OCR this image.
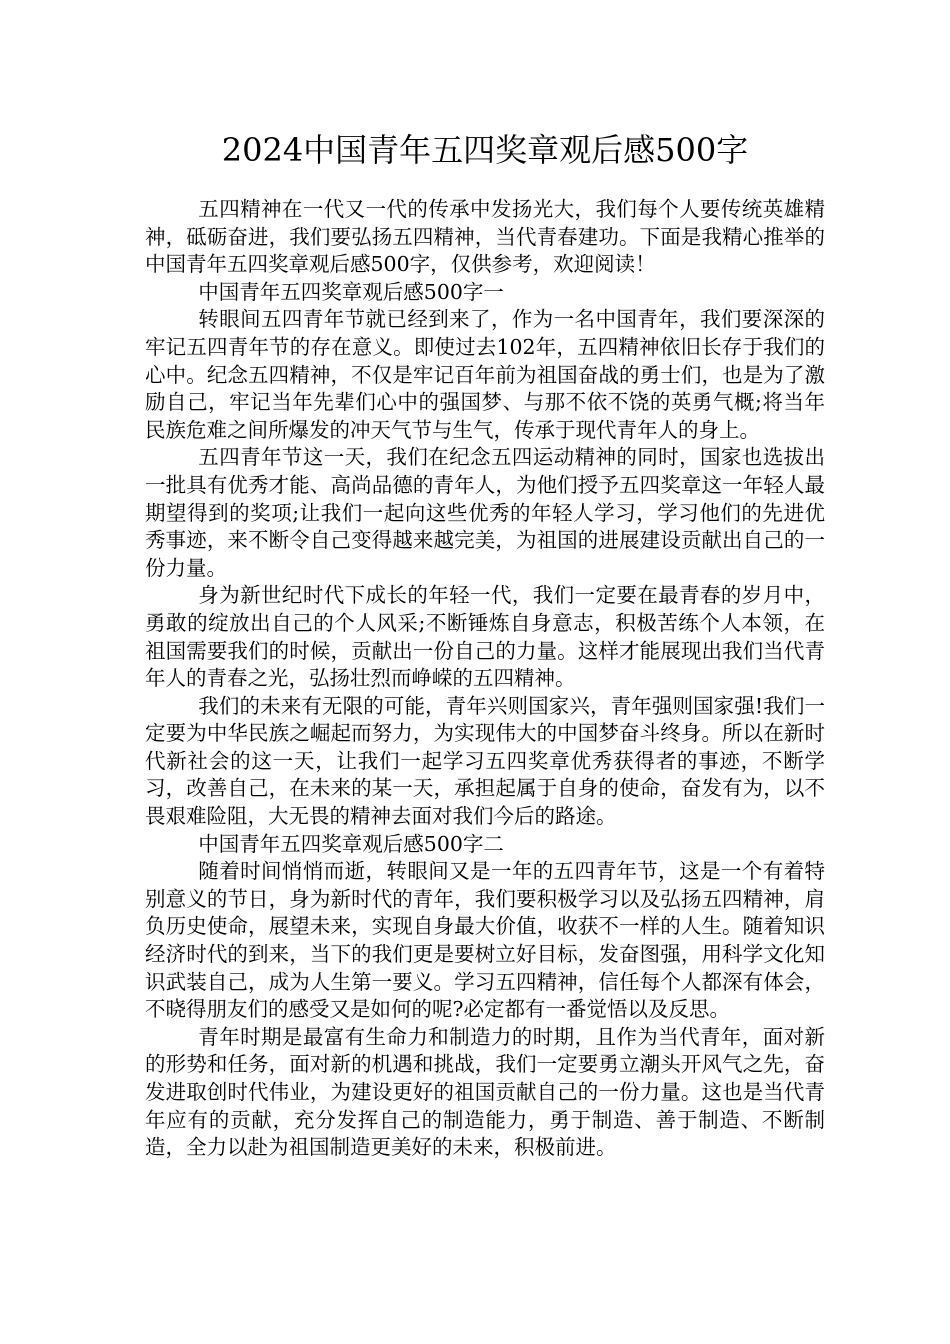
2024中国青年五四奖章观后感500字

五四精神在一代又一代的传承中发扬光大，我们每个人要传统英雄精神，砥砺奋进，我们要弘扬五四精神，当代青春建功。下面是我精心推举的中国青年五四奖章观后感500字，仅供参考，欢迎阅读！

中国青年五四奖章观后感500字一

转眼间五四青年节就已经到来了，作为一名中国青年，我们要深深的牢记五四青年节的存在意义。即使过去102年，五四精神依旧长存于我们的心中。纪念五四精神，不仅是牢记百年前为祖国奋战的勇士们，也是为了激励自己，牢记当年先辈们心中的强国梦、与那不依不饶的英勇气概;将当年民族危难之间所爆发的冲天气节与生气，传承于现代青年人的身上。

五四青年节这一天，我们在纪念五四运动精神的同时，国家也选拔出一批具有优秀才能、高尚品德的青年人，为他们授予五四奖章这一年轻人最期望得到的奖项;让我们一起向这些优秀的年轻人学习，学习他们的先进优秀事迹，来不断令自己变得越来越完美，为祖国的进展建设贡献出自己的一份力量。

身为新世纪时代下成长的年轻一代，我们一定要在最青春的岁月中，勇敢的绽放出自己的个人风采;不断锤炼自身意志，积极苦练个人本领，在祖国需要我们的时候，贡献出一份自己的力量。这样才能展现出我们当代青年人的青春之光，弘扬壮烈而峥嵘的五四精神。

我们的未来有无限的可能，青年兴则国家兴，青年强则国家强!我们一定要为中华民族之崛起而努力，为实现伟大的中国梦奋斗终身。所以在新时代新社会的这一天，让我们一起学习五四奖章优秀获得者的事迹，不断学习，改善自己，在未来的某一天，承担起属于自身的使命，奋发有为，以不畏艰难险阻，大无畏的精神去面对我们今后的路途。

中国青年五四奖章观后感500字二

随着时间悄悄而逝，转眼间又是一年的五四青年节，这是一个有着特别意义的节日，身为新时代的青年，我们要积极学习以及弘扬五四精神，肩负历史使命，展望未来，实现自身最大价值，收获不一样的人生。随着知识经济时代的到来，当下的我们更是要树立好目标，发奋图强，用科学文化知识武装自己，成为人生第一要义。学习五四精神，信任每个人都深有体会，不晓得朋友们的感受又是如何的呢?必定都有一番觉悟以及反思。

青年时期是最富有生命力和制造力的时期，且作为当代青年，面对新的形势和任务，面对新的机遇和挑战，我们一定要勇立潮头开风气之先，奋发进取创时代伟业，为建设更好的祖国贡献自己的一份力量。这也是当代青年应有的贡献，充分发挥自己的制造能力，勇于制造、善于制造、不断制造，全力以赴为祖国制造更美好的未来，积极前进。
